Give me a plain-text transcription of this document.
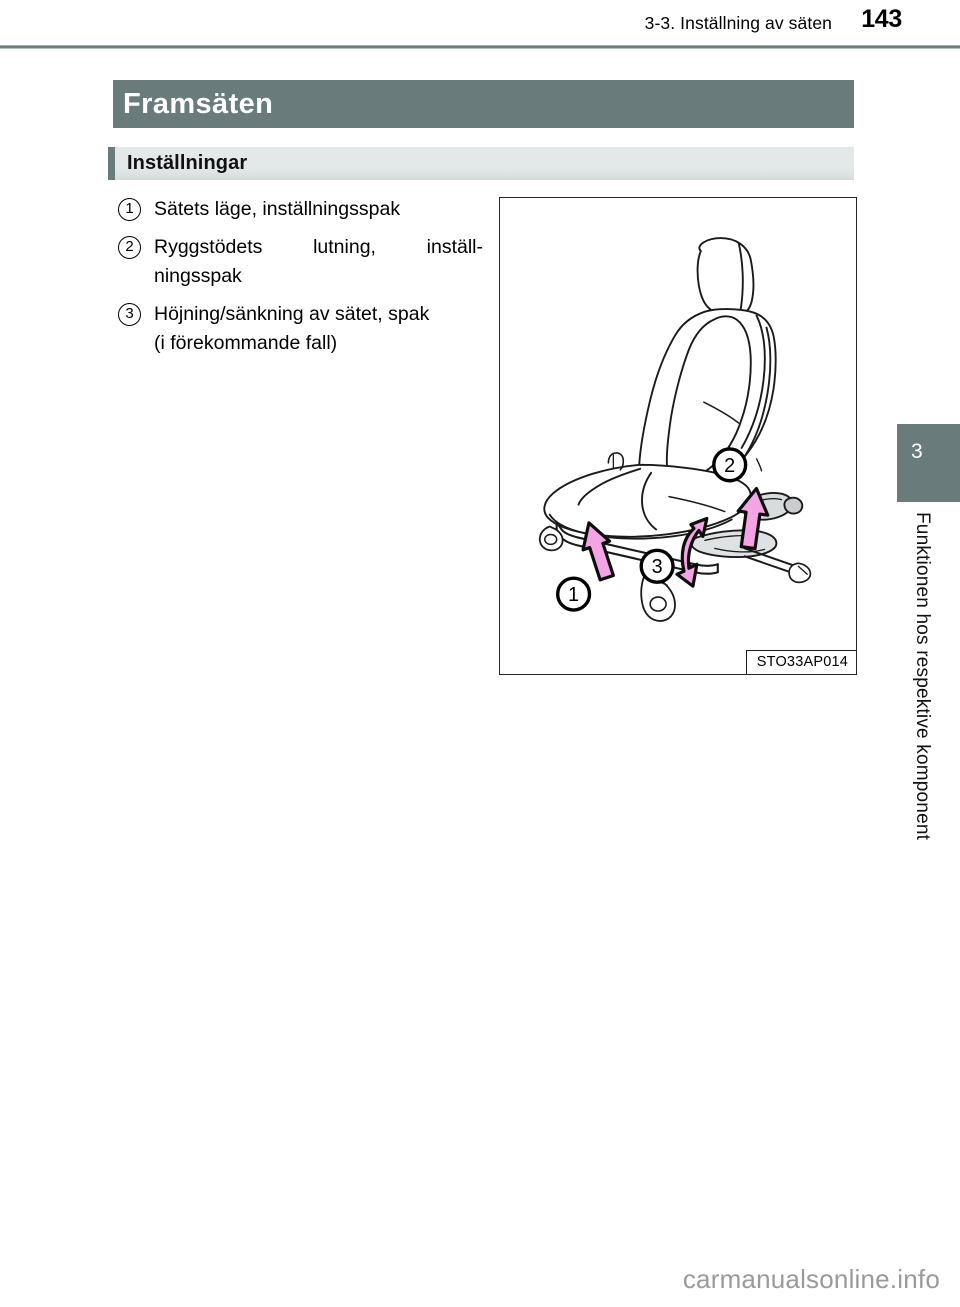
3-3. Inställning av säten 143
Framsäten
Inställningar
1	Sätets läge, inställningsspak
2	Ryggstödets lutning, inställ-
ningsspak
3	Höjning/sänkning av sätet, spak
(i förekommande fall)
1
2
3
STO33AP014
3
Funktionen hos respektive komponent
carmanualsonline.info
